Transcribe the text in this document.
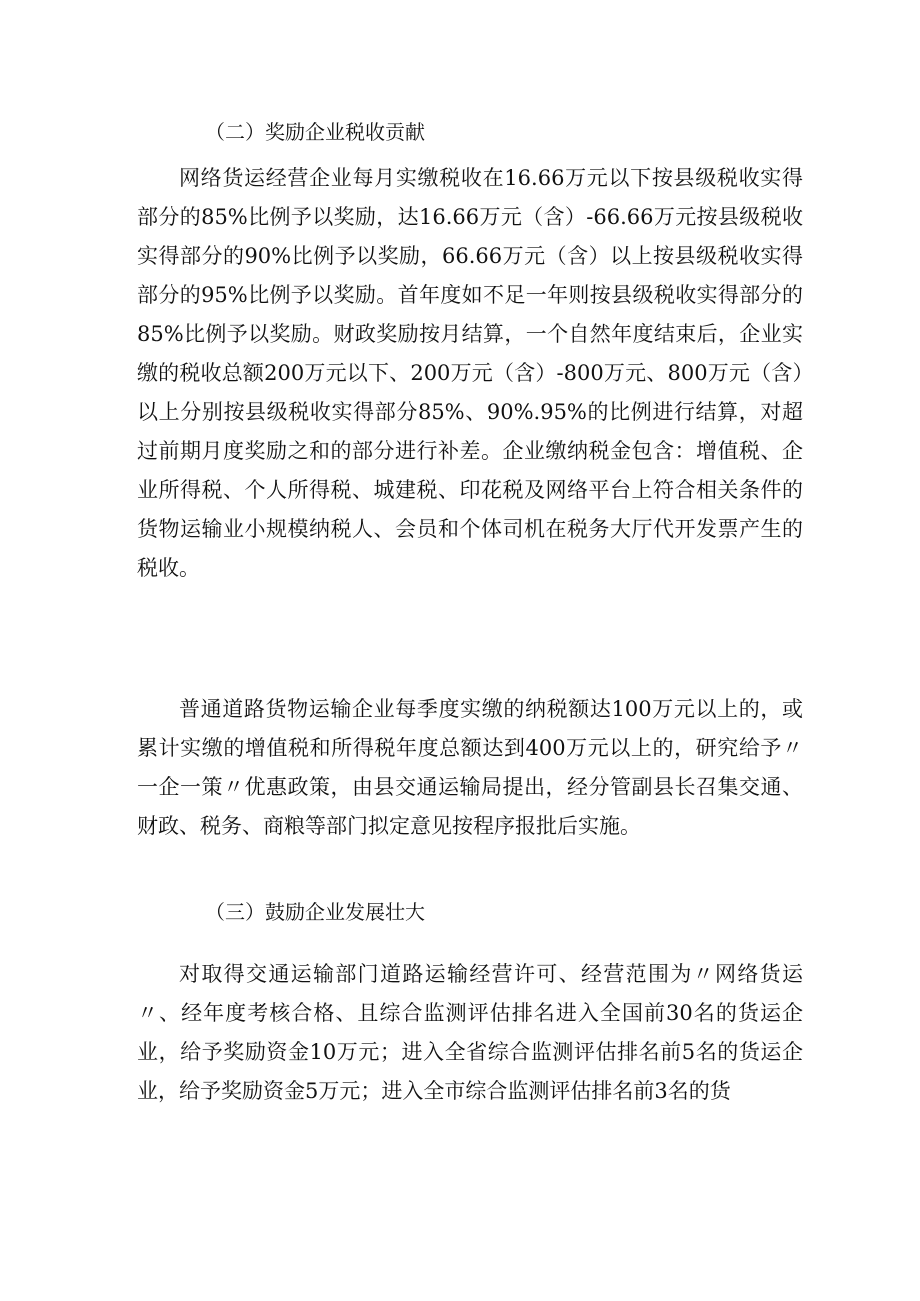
（二）奖励企业税收贡献

网络货运经营企业每月实缴税收在16.66万元以下按县级税收实得部分的85%比例予以奖励，达16.66万元（含）-66.66万元按县级税收实得部分的90%比例予以奖励，66.66万元（含）以上按县级税收实得部分的95%比例予以奖励。首年度如不足一年则按县级税收实得部分的85%比例予以奖励。财政奖励按月结算，一个自然年度结束后，企业实缴的税收总额200万元以下、200万元（含）-800万元、800万元（含）以上分别按县级税收实得部分85%、90%.95%的比例进行结算，对超过前期月度奖励之和的部分进行补差。企业缴纳税金包含：增值税、企业所得税、个人所得税、城建税、印花税及网络平台上符合相关条件的货物运输业小规模纳税人、会员和个体司机在税务大厅代开发票产生的税收。

普通道路货物运输企业每季度实缴的纳税额达100万元以上的，或累计实缴的增值税和所得税年度总额达到400万元以上的，研究给予〃一企一策〃优惠政策，由县交通运输局提出，经分管副县长召集交通、财政、税务、商粮等部门拟定意见按程序报批后实施。

（三）鼓励企业发展壮大

对取得交通运输部门道路运输经营许可、经营范围为〃网络货运〃、经年度考核合格、且综合监测评估排名进入全国前30名的货运企业，给予奖励资金10万元；进入全省综合监测评估排名前5名的货运企业，给予奖励资金5万元；进入全市综合监测评估排名前3名的货
